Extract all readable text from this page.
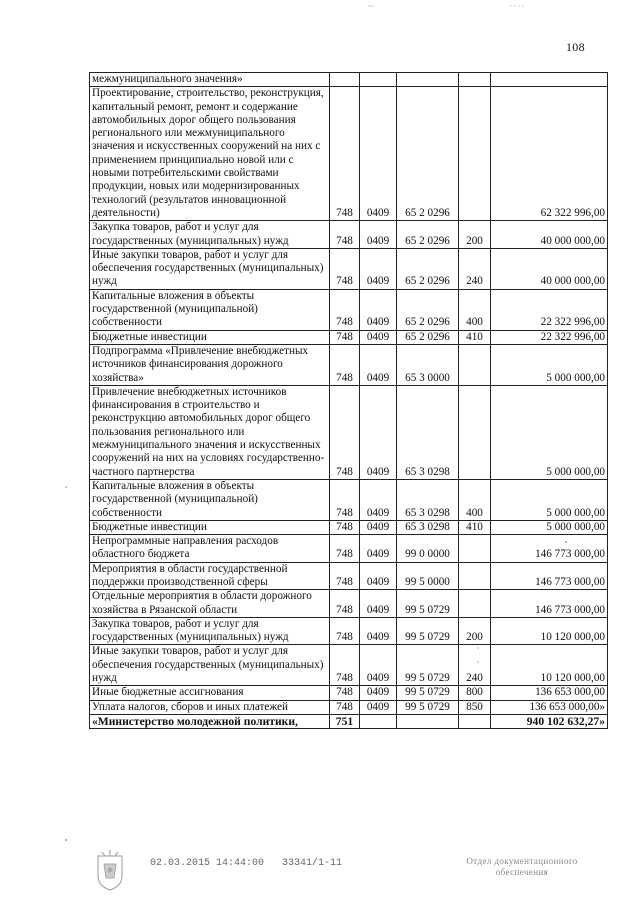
108
межмуниципального значения»					
Проектирование, строительство, реконструкция, капитальный ремонт, ремонт и содержание автомобильных дорог общего пользования регионального или межмуниципального значения и искусственных сооружений на них с применением принципиально новой или с новыми потребительскими свойствами продукции, новых или модернизированных технологий (результатов инновационной деятельности)	748	0409	65 2 0296		62 322 996,00
Закупка товаров, работ и услуг для государственных (муниципальных) нужд	748	0409	65 2 0296	200	40 000 000,00
Иные закупки товаров, работ и услуг для обеспечения государственных (муниципальных) нужд	748	0409	65 2 0296	240	40 000 000,00
Капитальные вложения в объекты государственной (муниципальной) собственности	748	0409	65 2 0296	400	22 322 996,00
Бюджетные инвестиции	748	0409	65 2 0296	410	22 322 996,00
Подпрограмма «Привлечение внебюджетных источников финансирования дорожного хозяйства»	748	0409	65 3 0000		5 000 000,00
Привлечение внебюджетных источников финансирования в строительство и реконструкцию автомобильных дорог общего пользования регионального или межмуниципального значения и искусственных сооружений на них на условиях государственно-частного партнерства	748	0409	65 3 0298		5 000 000,00
Капитальные вложения в объекты государственной (муниципальной) собственности	748	0409	65 3 0298	400	5 000 000,00
Бюджетные инвестиции	748	0409	65 3 0298	410	5 000 000,00
Непрограммные направления расходов областного бюджета	748	0409	99 0 0000		146 773 000,00
Мероприятия в области государственной поддержки производственной сферы	748	0409	99 5 0000		146 773 000,00
Отдельные мероприятия в области дорожного хозяйства в Рязанской области	748	0409	99 5 0729		146 773 000,00
Закупка товаров, работ и услуг для государственных (муниципальных) нужд	748	0409	99 5 0729	200	10 120 000,00
Иные закупки товаров, работ и услуг для обеспечения государственных (муниципальных) нужд	748	0409	99 5 0729	240	10 120 000,00
Иные бюджетные ассигнования	748	0409	99 5 0729	800	136 653 000,00
Уплата налогов, сборов и иных платежей	748	0409	99 5 0729	850	136 653 000,00»
«Министерство молодежной политики,	751				940 102 632,27»
02.03.2015 14:44:00 33341/1-11	Отдел документационного обеспечения
